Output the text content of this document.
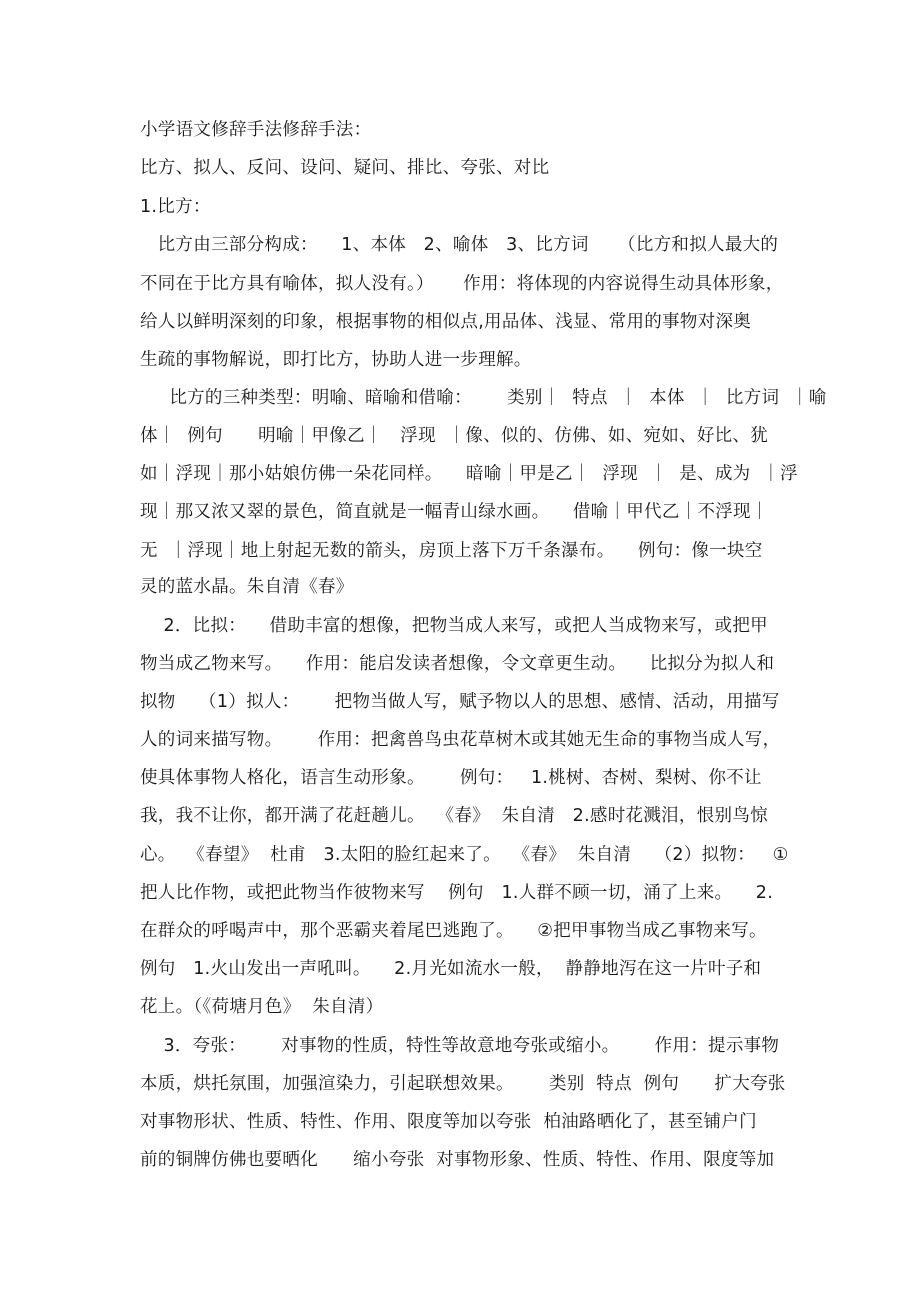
小学语文修辞手法修辞手法：
比方、拟人、反问、设问、疑问、排比、夸张、对比
1.比方：
比方由三部分构成：    1、本体   2、喻体   3、比方词     （比方和拟人最大的
不同在于比方具有喻体，拟人没有。）     作用：将体现的内容说得生动具体形象，
给人以鲜明深刻的印象，根据事物的相似点,用品体、浅显、常用的事物对深奥
生疏的事物解说，即打比方，协助人进一步理解。
比方的三种类型：明喻、暗喻和借喻：      类别｜  特点  ｜  本体  ｜  比方词  ｜喻
体｜  例句      明喻｜甲像乙｜   浮现  ｜像、似的、仿佛、如、宛如、好比、犹
如｜浮现｜那小姑娘仿佛一朵花同样。    暗喻｜甲是乙｜  浮现  ｜  是、成为  ｜浮
现｜那又浓又翠的景色，简直就是一幅青山绿水画。    借喻｜甲代乙｜不浮现｜
无  ｜浮现｜地上射起无数的箭头，房顶上落下万千条瀑布。    例句：像一块空
灵的蓝水晶。朱自清《春》
2．比拟：    借助丰富的想像，把物当成人来写，或把人当成物来写，或把甲
物当成乙物来写。    作用：能启发读者想像，令文章更生动。    比拟分为拟人和
拟物    （1）拟人：      把物当做人写，赋予物以人的思想、感情、活动，用描写
人的词来描写物。      作用：把禽兽鸟虫花草树木或其她无生命的事物当成人写，
使具体事物人格化，语言生动形象。      例句：   1.桃树、杏树、梨树、你不让
我，我不让你，都开满了花赶趟儿。  《春》  朱自清   2.感时花溅泪，恨别鸟惊
心。  《春望》  杜甫   3.太阳的脸红起来了。  《春》  朱自清    （2）拟物：   ①
把人比作物，或把此物当作彼物来写    例句   1.人群不顾一切，涌了上来。    2.
在群众的呼喝声中，那个恶霸夹着尾巴逃跑了。    ②把甲事物当成乙事物来写。
例句   1.火山发出一声吼叫。    2.月光如流水一般，  静静地泻在这一片叶子和
花上。（《荷塘月色》  朱自清）
3．夸张：      对事物的性质，特性等故意地夸张或缩小。      作用：提示事物
本质，烘托氛围，加强渲染力，引起联想效果。      类别  特点  例句      扩大夸张
对事物形状、性质、特性、作用、限度等加以夸张  柏油路晒化了，甚至铺户门
前的铜牌仿佛也要晒化      缩小夸张  对事物形象、性质、特性、作用、限度等加
